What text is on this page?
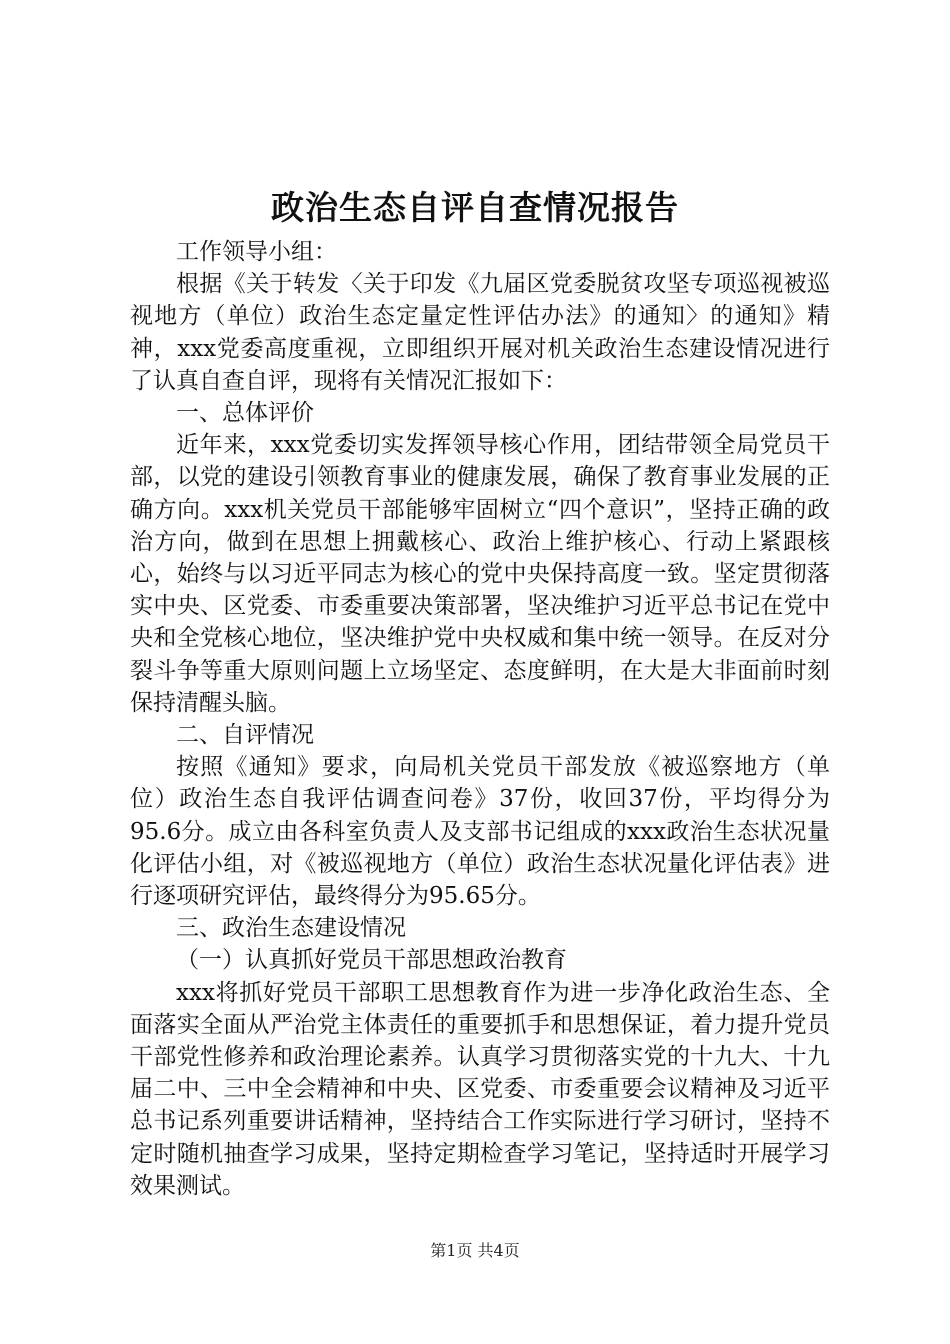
政治生态自评自查情况报告

工作领导小组：

根据《关于转发〈关于印发《九届区党委脱贫攻坚专项巡视被巡视地方（单位）政治生态定量定性评估办法》的通知〉的通知》精神，xxx党委高度重视，立即组织开展对机关政治生态建设情况进行了认真自查自评，现将有关情况汇报如下：

一、总体评价

近年来，xxx党委切实发挥领导核心作用，团结带领全局党员干部，以党的建设引领教育事业的健康发展，确保了教育事业发展的正确方向。xxx机关党员干部能够牢固树立“四个意识”，坚持正确的政治方向，做到在思想上拥戴核心、政治上维护核心、行动上紧跟核心，始终与以习近平同志为核心的党中央保持高度一致。坚定贯彻落实中央、区党委、市委重要决策部署，坚决维护习近平总书记在党中央和全党核心地位，坚决维护党中央权威和集中统一领导。在反对分裂斗争等重大原则问题上立场坚定、态度鲜明，在大是大非面前时刻保持清醒头脑。

二、自评情况

按照《通知》要求，向局机关党员干部发放《被巡察地方（单位）政治生态自我评估调查问卷》37份，收回37份，平均得分为95.6分。成立由各科室负责人及支部书记组成的xxx政治生态状况量化评估小组，对《被巡视地方（单位）政治生态状况量化评估表》进行逐项研究评估，最终得分为95.65分。

三、政治生态建设情况

（一）认真抓好党员干部思想政治教育

xxx将抓好党员干部职工思想教育作为进一步净化政治生态、全面落实全面从严治党主体责任的重要抓手和思想保证，着力提升党员干部党性修养和政治理论素养。认真学习贯彻落实党的十九大、十九届二中、三中全会精神和中央、区党委、市委重要会议精神及习近平总书记系列重要讲话精神，坚持结合工作实际进行学习研讨，坚持不定时随机抽查学习成果，坚持定期检查学习笔记，坚持适时开展学习效果测试。

第1页 共4页
